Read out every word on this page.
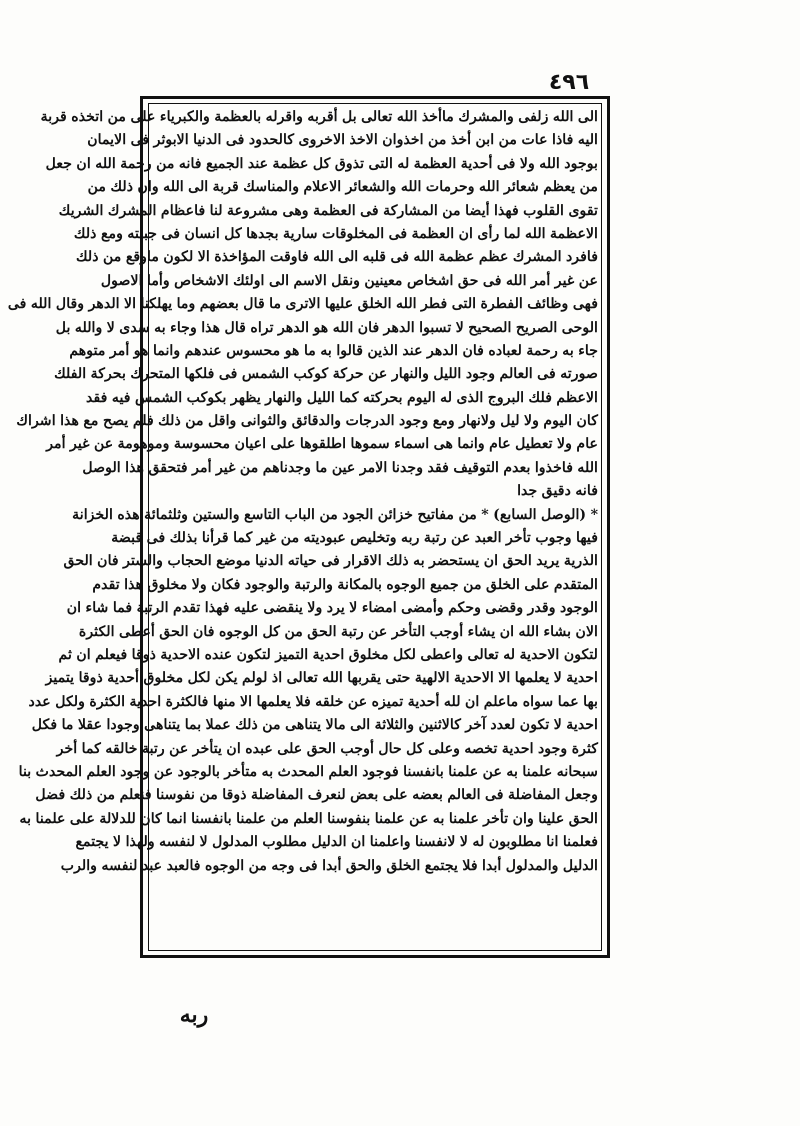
٤٩٦
الى الله زلفى والمشرك ماأخذ الله تعالى بل أقربه واقرله بالعظمة والكبرياء على من اتخذه قربة
اليه فاذا عات من ابن أخذ من اخذوان الاخذ الاخروى كالحدود فى الدنيا الابوثر فى الايمان
بوجود الله ولا فى أحدية العظمة له التى تذوق كل عظمة عند الجميع فانه من رحمة الله ان جعل
من يعظم شعائر الله وحرمات الله والشعائر الاعلام والمناسك قربة الى الله وان ذلك من
تقوى القلوب فهذا أيضا من المشاركة فى العظمة وهى مشروعة لنا فاعظام المشرك الشريك
الاعظمة الله لما رأى ان العظمة فى المخلوقات سارية بجدها كل انسان فى جبلته ومع ذلك
فافرد المشرك عظم عظمة الله فى قلبه الى الله فاوقت المؤاخذة الا لكون ماوقع من ذلك
عن غير أمر الله فى حق اشخاص معينين ونقل الاسم الى اولئك الاشخاص وأما الاصول
فهى وظائف الفطرة التى فطر الله الخلق عليها الاترى ما قال بعضهم وما يهلكنا الا الدهر وقال الله فى
الوحى الصريح الصحيح لا تسبوا الدهر فان الله هو الدهر تراه قال هذا وجاء به سدى لا والله بل
جاء به رحمة لعباده فان الدهر عند الذين قالوا به ما هو محسوس عندهم وانما هو أمر متوهم
صورته فى العالم وجود الليل والنهار عن حركة كوكب الشمس فى فلكها المتحرك بحركة الفلك
الاعظم فلك البروج الذى له اليوم بحركته كما الليل والنهار يظهر بكوكب الشمس فيه فقد
كان اليوم ولا ليل ولانهار ومع وجود الدرجات والدقائق والثوانى واقل من ذلك فلم يصح مع هذا اشراك
عام ولا تعطيل عام وانما هى اسماء سموها اطلقوها على اعيان محسوسة وموهومة عن غير أمر
الله فاخذوا بعدم التوقيف فقد وجدنا الامر عين ما وجدناهم من غير أمر فتحقق هذا الوصل
فانه دقيق جدا
* (الوصل السابع) * من مفاتيح خزائن الجود من الباب التاسع والستين وثلثمائة هذه الخزانة
فيها وجوب تأخر العبد عن رتبة ربه وتخليص عبوديته من غير كما قرأنا بذلك فى قبضة
الذرية يريد الحق ان يستحضر به ذلك الاقرار فى حياته الدنيا موضع الحجاب والستر فان الحق
المتقدم على الخلق من جميع الوجوه بالمكانة والرتبة والوجود فكان ولا مخلوق هذا تقدم
الوجود وقدر وقضى وحكم وأمضى امضاء لا يرد ولا ينقضى عليه فهذا تقدم الرتبة فما شاء ان
الان بشاء الله ان يشاء أوجب التأخر عن رتبة الحق من كل الوجوه فان الحق أعطى الكثرة
لتكون الاحدية له تعالى واعطى لكل مخلوق احدية التميز لتكون عنده الاحدية ذوقا فيعلم ان ثم
احدية لا يعلمها الا الاحدية الالهية حتى يقربها الله تعالى اذ لولم يكن لكل مخلوق أحدية ذوقا يتميز
بها عما سواه ماعلم ان لله أحدية تميزه عن خلقه فلا يعلمها الا منها فالكثرة احدية الكثرة ولكل عدد
احدية لا تكون لعدد آخر كالاثنين والثلاثة الى مالا يتناهى من ذلك عملا بما يتناهى وجودا عقلا ما فكل
كثرة وجود احدية تخصه وعلى كل حال أوجب الحق على عبده ان يتأخر عن رتبة خالقه كما أخر
سبحانه علمنا به عن علمنا بانفسنا فوجود العلم المحدث به متأخر بالوجود عن وجود العلم المحدث بنا
وجعل المفاضلة فى العالم بعضه على بعض لنعرف المفاضلة ذوقا من نفوسنا فنعلم من ذلك فضل
الحق علينا وان تأخر علمنا به عن علمنا بنفوسنا العلم من علمنا بانفسنا انما كان للدلالة على علمنا به
فعلمنا انا مطلوبون له لا لانفسنا واعلمنا ان الدليل مطلوب المدلول لا لنفسه ولهذا لا يجتمع
الدليل والمدلول أبدا فلا يجتمع الخلق والحق أبدا فى وجه من الوجوه فالعبد عبد لنفسه والرب
ربه
